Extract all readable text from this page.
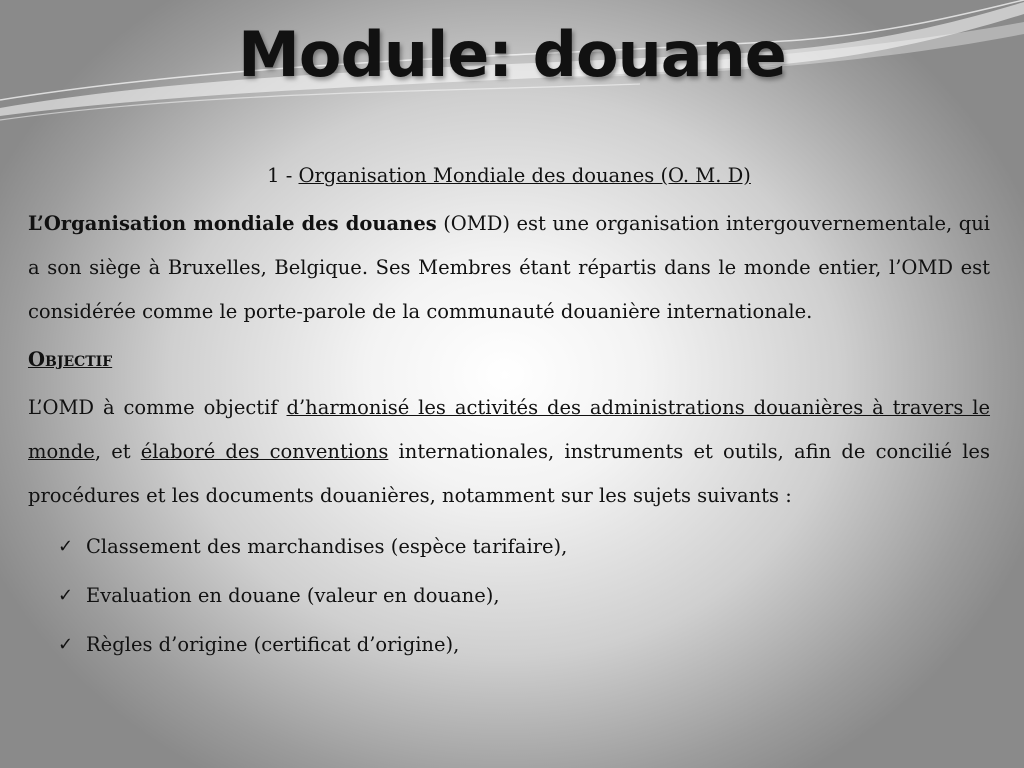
Module: douane

1 - Organisation Mondiale des douanes (O. M. D)

L’Organisation mondiale des douanes (OMD) est une organisation intergouvernementale, qui a son siège à Bruxelles, Belgique. Ses Membres étant répartis dans le monde entier, l’OMD est considérée comme le porte-parole de la communauté douanière internationale.

Objectif

L’OMD à comme objectif d’harmonisé les activités des administrations douanières à travers le monde, et élaboré des conventions internationales, instruments et outils, afin de concilié les procédures et les documents douanières, notamment sur les sujets suivants :

✓ Classement des marchandises (espèce tarifaire),
✓ Evaluation en douane (valeur en douane),
✓ Règles d’origine (certificat d’origine),
